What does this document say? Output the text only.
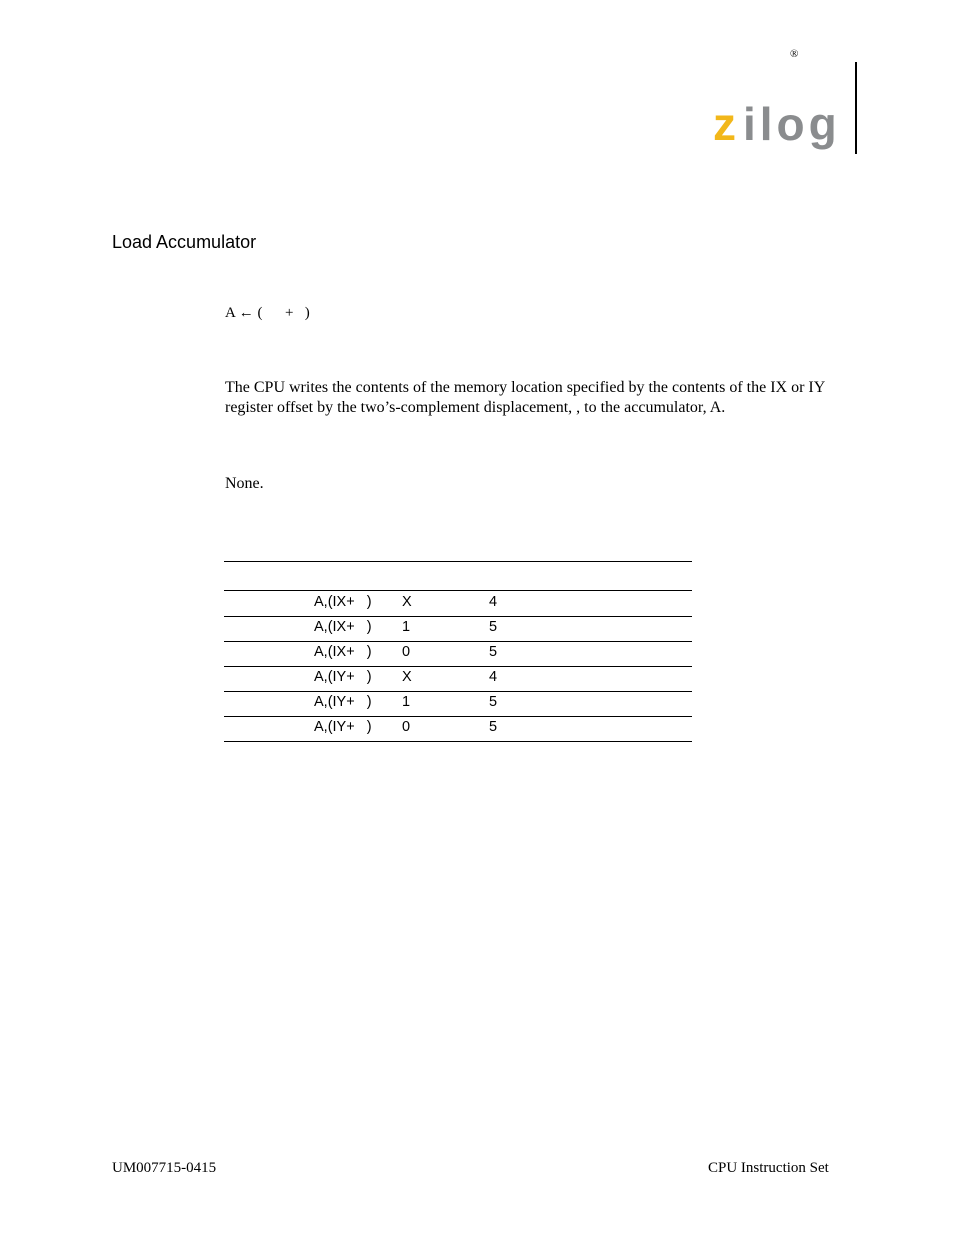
®
z ilog
Load Accumulator
A ← (      +   )
The CPU writes the contents of the memory location specified by the contents of the IX or IY register offset by the two’s-complement displacement, , to the accumulator, A.
None.
A,(IX+   ) X	4
A,(IX+   ) 1	5
A,(IX+   ) 0	5
A,(IY+   ) X	4
A,(IY+   ) 1	5
A,(IY+   ) 0	5
UM007715-0415	CPU Instruction Set
